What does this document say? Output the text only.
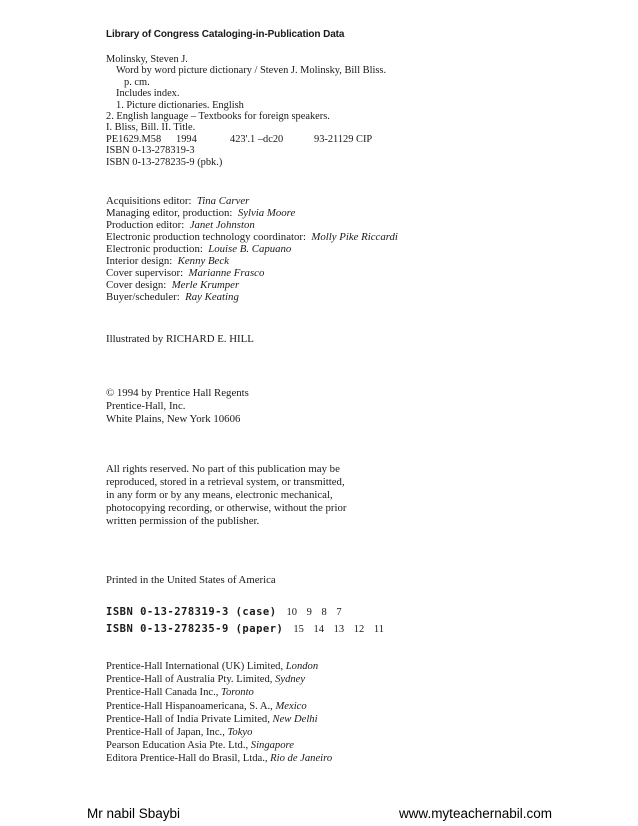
Library of Congress Cataloging-in-Publication Data
Molinsky, Steven J.
Word by word picture dictionary / Steven J. Molinsky, Bill Bliss.
p. cm.
Includes index.
1. Picture dictionaries. English
2. English language – Textbooks for foreign speakers.
I. Bliss, Bill. II. Title.
PE1629.M58 1994	423'.1 –dc20	93-21129 CIP
ISBN 0-13-278319-3
ISBN 0-13-278235-9 (pbk.)
Acquisitions editor: Tina Carver
Managing editor, production: Sylvia Moore
Production editor: Janet Johnston
Electronic production technology coordinator: Molly Pike Riccardi
Electronic production: Louise B. Capuano
Interior design: Kenny Beck
Cover supervisor: Marianne Frasco
Cover design: Merle Krumper
Buyer/scheduler: Ray Keating
Illustrated by RICHARD E. HILL
© 1994 by Prentice Hall Regents
Prentice-Hall, Inc.
White Plains, New York 10606
All rights reserved. No part of this publication may be
reproduced, stored in a retrieval system, or transmitted,
in any form or by any means, electronic mechanical,
photocopying recording, or otherwise, without the prior
written permission of the publisher.
Printed in the United States of America
ISBN 0-13-278319-3 (case) 10 9 8 7
ISBN 0-13-278235-9 (paper) 15 14 13 12 11
Prentice-Hall International (UK) Limited, London
Prentice-Hall of Australia Pty. Limited, Sydney
Prentice-Hall Canada Inc., Toronto
Prentice-Hall Hispanoamericana, S. A., Mexico
Prentice-Hall of India Private Limited, New Delhi
Prentice-Hall of Japan, Inc., Tokyo
Pearson Education Asia Pte. Ltd., Singapore
Editora Prentice-Hall do Brasil, Ltda., Rio de Janeiro
Mr nabil Sbaybi	www.myteachernabil.com
